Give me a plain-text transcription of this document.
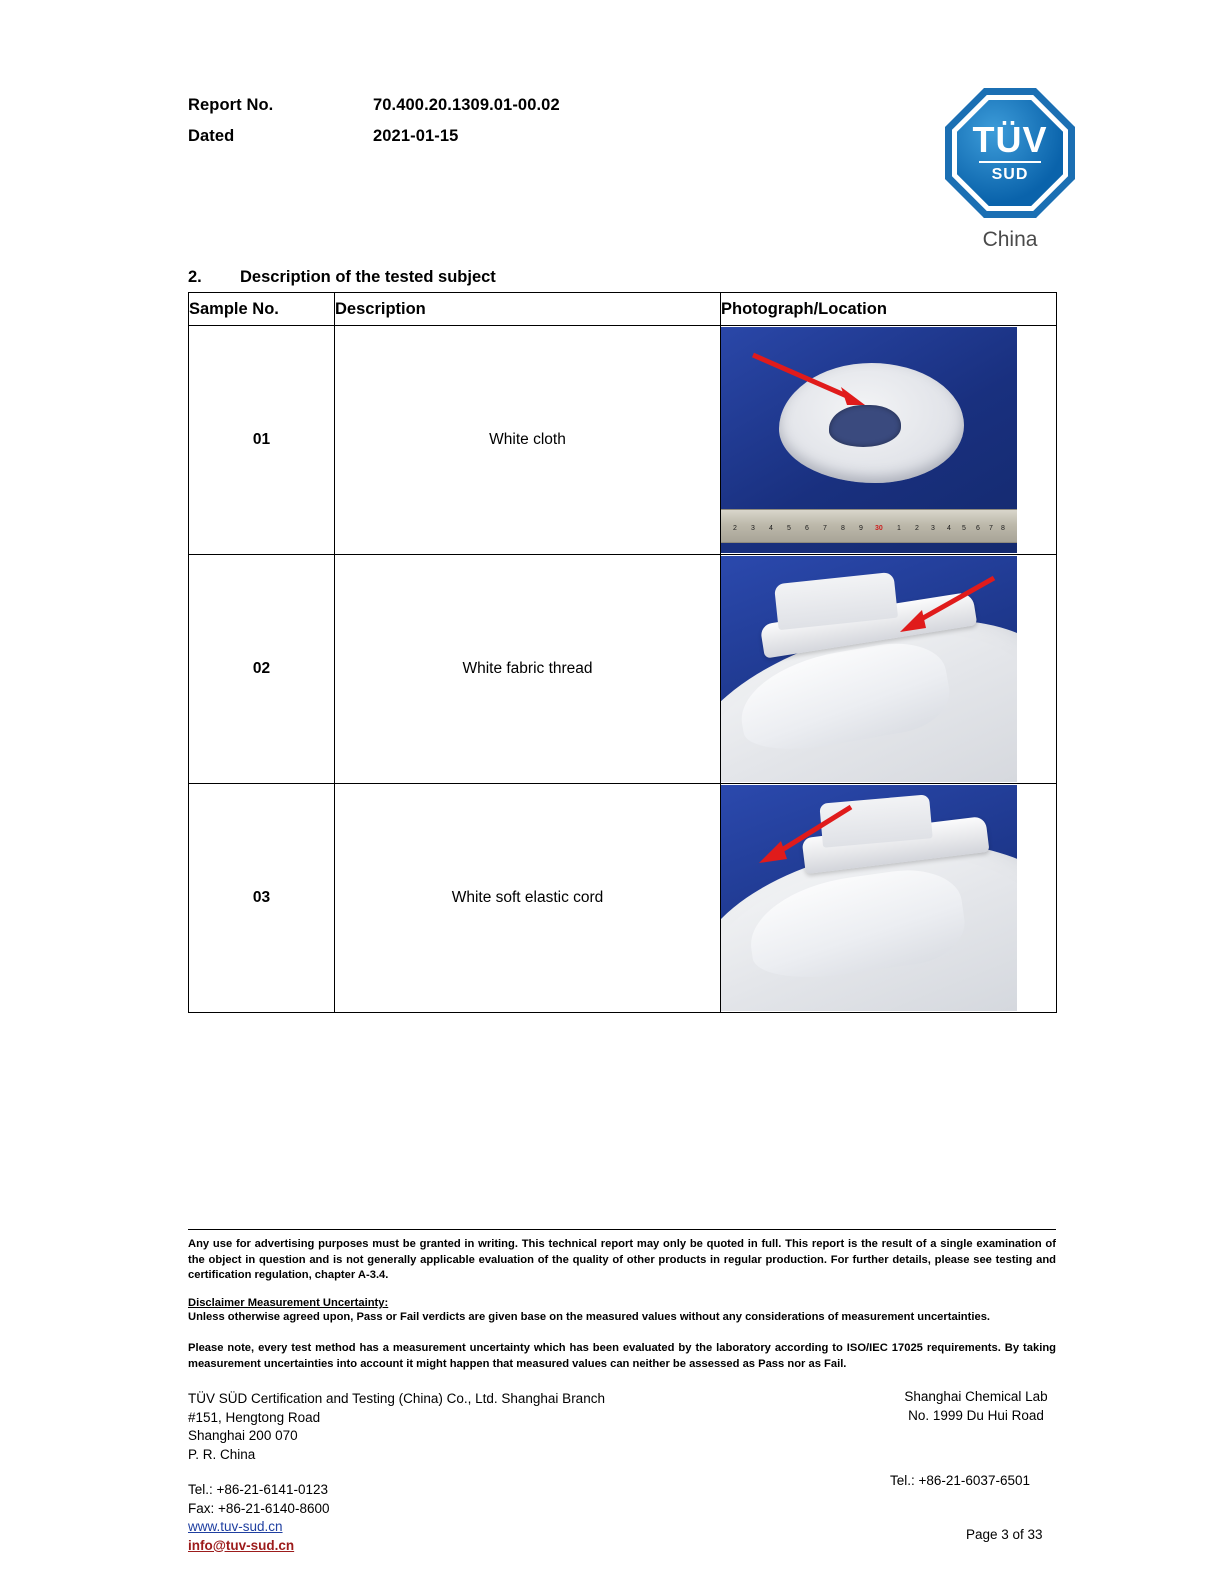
Report No.	70.400.20.1309.01-00.02
Dated	2021-01-15	TÜV
SUD
China
2. Description of the tested subject
Sample No.	Description	Photograph/Location
01	White cloth	
2 3 4 5 6 7 8 9 30 1 2 3 4 5 6 7 8

02	White fabric thread	

03	White soft elastic cord	
Any use for advertising purposes must be granted in writing. This technical report may only be quoted in full. This report is the result of a single examination of the object in question and is not generally applicable evaluation of the quality of other products in regular production. For further details, please see testing and certification regulation, chapter A-3.4.
Disclaimer Measurement Uncertainty:
Unless otherwise agreed upon, Pass or Fail verdicts are given base on the measured values without any considerations of measurement uncertainties.
Please note, every test method has a measurement uncertainty which has been evaluated by the laboratory according to ISO/IEC 17025 requirements. By taking measurement uncertainties into account it might happen that measured values can neither be assessed as Pass nor as Fail.
TÜV SÜD Certification and Testing (China) Co., Ltd. Shanghai Branch
#151, Hengtong Road
Shanghai 200 070
P. R. China
Tel.: +86-21-6141-0123
Fax: +86-21-6140-8600
www.tuv-sud.cn
info@tuv-sud.cn
Shanghai Chemical Lab
No. 1999 Du Hui Road
Tel.: +86-21-6037-6501
Page 3 of 33
